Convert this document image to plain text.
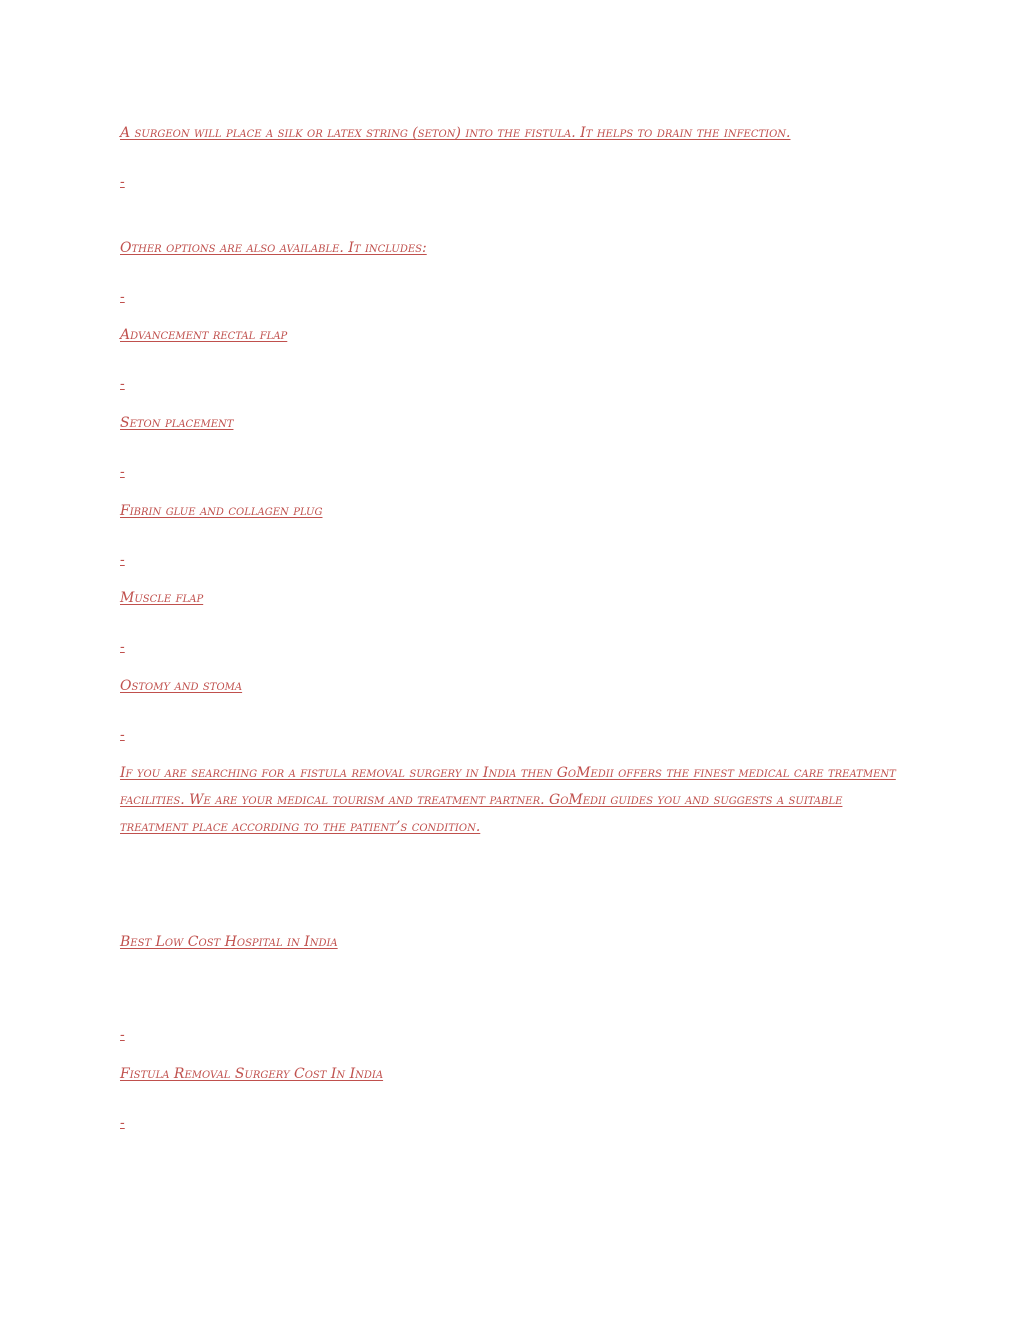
A surgeon will place a silk or latex string (seton) into the fistula. It helps to drain the infection.

-

Other options are also available. It includes:

-

Advancement rectal flap

-

Seton placement

-

Fibrin glue and collagen plug

-

Muscle flap

-

Ostomy and stoma

-

If you are searching for a fistula removal surgery in India then GoMedii offers the finest medical care treatment facilities. We are your medical tourism and treatment partner. GoMedii guides you and suggests a suitable treatment place according to the patient’s condition.

Best Low Cost Hospital in India

-

Fistula Removal Surgery Cost In India

-
